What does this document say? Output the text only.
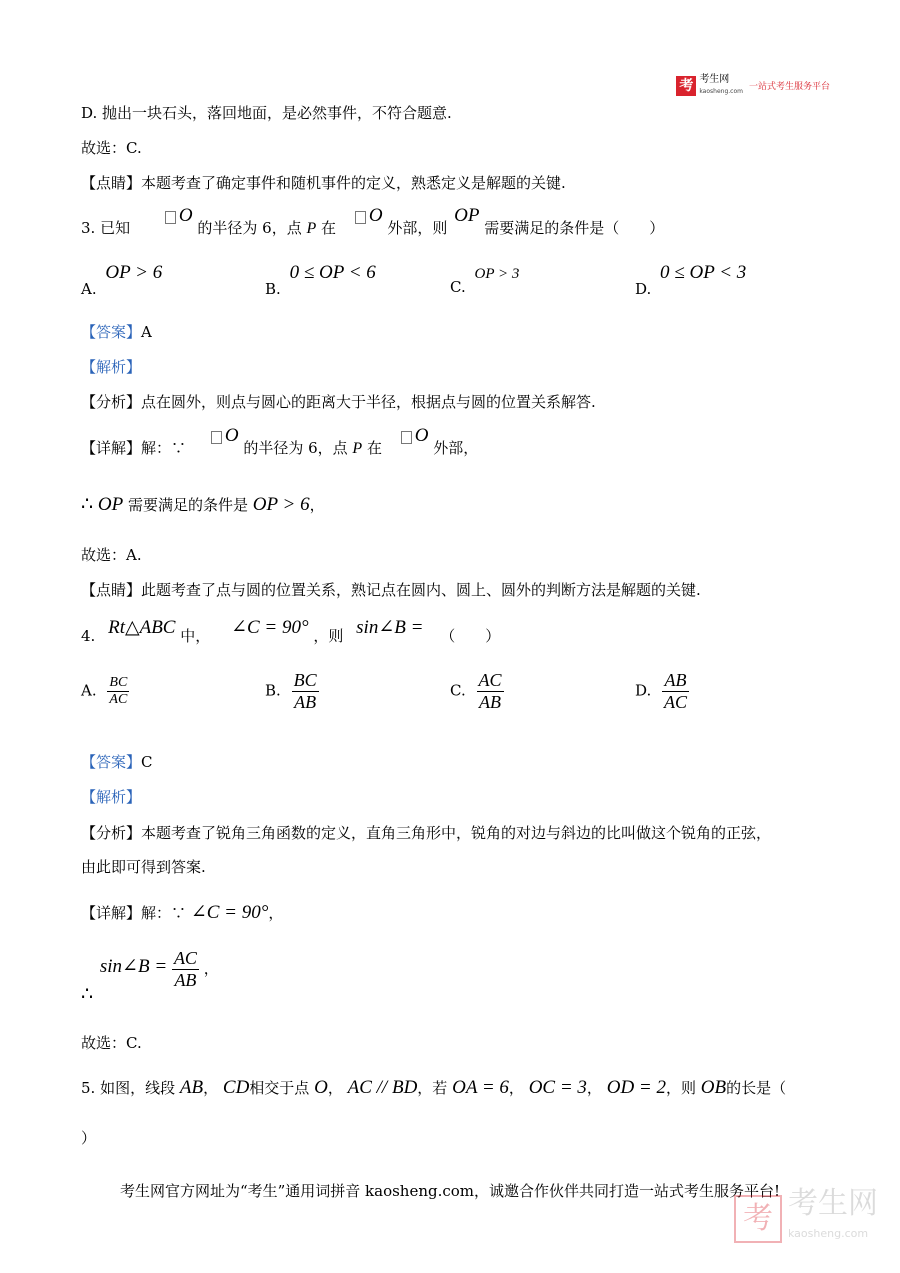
考 考生网
kaosheng.com 一站式考生服务平台
D. 抛出一块石头，落回地面，是必然事件，不符合题意.
故选：C.
【点睛】本题考查了确定事件和随机事件的定义，熟悉定义是解题的关键.
3. 已知 O 的半径为 6，点 P 在 O 外部，则 OP 需要满足的条件是（　　）
A. OP > 6
B. 0 ≤ OP < 6
C. OP > 3
D. 0 ≤ OP < 3
【答案】A
【解析】
【分析】点在圆外，则点与圆心的距离大于半径，根据点与圆的位置关系解答.
【详解】解：∵ O 的半径为 6，点 P 在 O 外部，
∴ OP 需要满足的条件是 OP > 6，
故选：A.
【点睛】此题考查了点与圆的位置关系，熟记点在圆内、圆上、圆外的判断方法是解题的关键.
4. Rt△ABC 中， ∠C = 90° ，则 sin∠B = （　　）
A. $\frac{BC}{AC}$	B. $\frac{BC}{AB}$	C. $\frac{AC}{AB}$	D. $\frac{AB}{AC}$
【答案】C
【解析】
【分析】本题考查了锐角三角函数的定义，直角三角形中，锐角的对边与斜边的比叫做这个锐角的正弦，
由此即可得到答案.
【详解】解：∵ ∠C = 90°，
∴ sin∠B = $\frac{AC}{AB}$ ，
故选：C.
5. 如图，线段 AB， CD相交于点 O， AC // BD，若 OA = 6， OC = 3， OD = 2，则 OB的长是（
）
考生网官方网址为“考生”通用词拼音 kaosheng.com，诚邀合作伙伴共同打造一站式考生服务平台!
考 考生网
kaosheng.com
